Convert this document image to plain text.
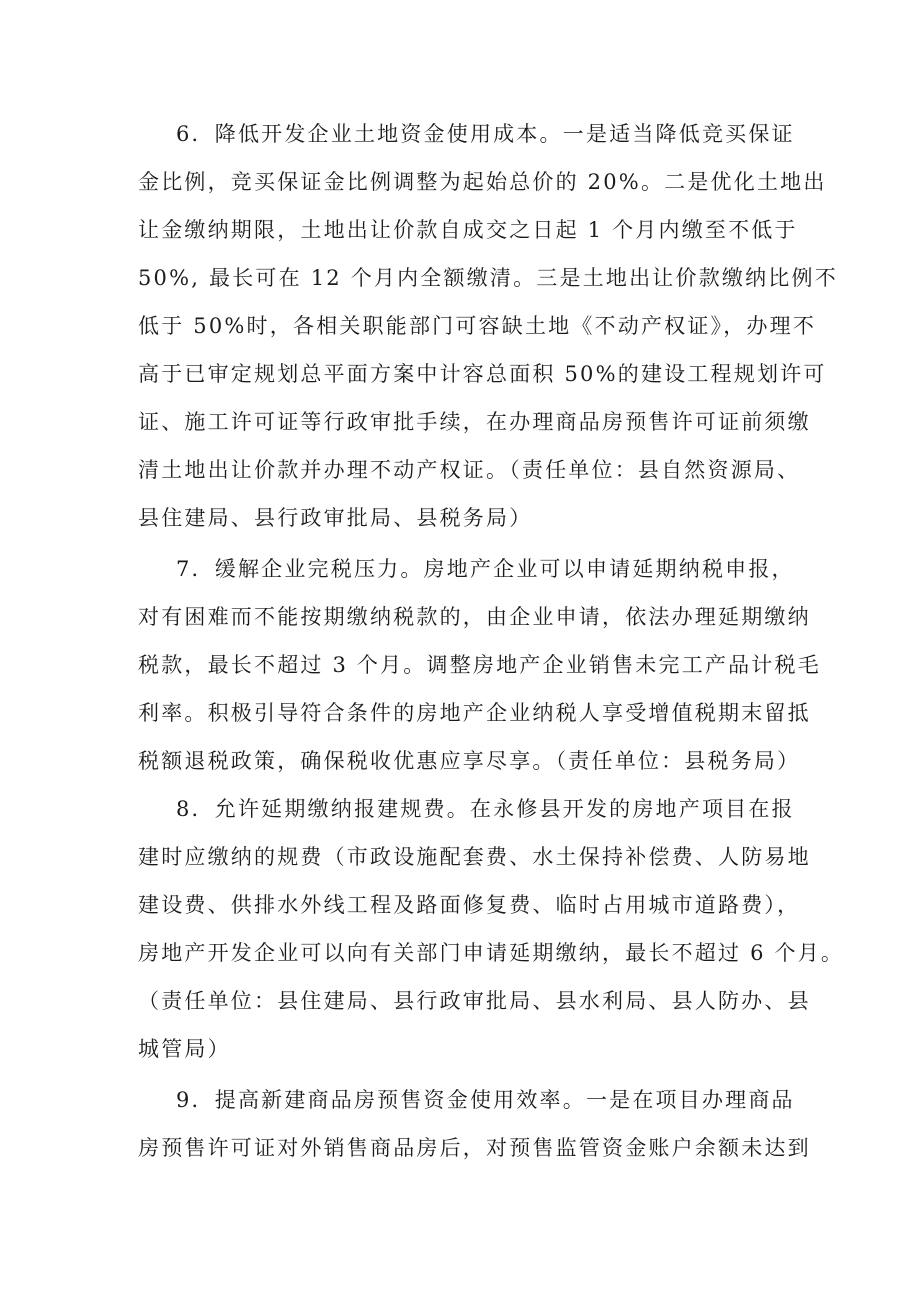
6．降低开发企业土地资金使用成本。一是适当降低竞买保证
金比例，竞买保证金比例调整为起始总价的 20%。二是优化土地出
让金缴纳期限，土地出让价款自成交之日起 1 个月内缴至不低于
50%, 最长可在 12 个月内全额缴清。三是土地出让价款缴纳比例不
低于 50%时，各相关职能部门可容缺土地《不动产权证》，办理不
高于已审定规划总平面方案中计容总面积 50%的建设工程规划许可
证、施工许可证等行政审批手续，在办理商品房预售许可证前须缴
清土地出让价款并办理不动产权证。（责任单位：县自然资源局、
县住建局、县行政审批局、县税务局）
7．缓解企业完税压力。房地产企业可以申请延期纳税申报，
对有困难而不能按期缴纳税款的，由企业申请，依法办理延期缴纳
税款，最长不超过 3 个月。调整房地产企业销售未完工产品计税毛
利率。积极引导符合条件的房地产企业纳税人享受增值税期末留抵
税额退税政策，确保税收优惠应享尽享。（责任单位：县税务局）
8．允许延期缴纳报建规费。在永修县开发的房地产项目在报
建时应缴纳的规费（市政设施配套费、水土保持补偿费、人防易地
建设费、供排水外线工程及路面修复费、临时占用城市道路费），
房地产开发企业可以向有关部门申请延期缴纳，最长不超过 6 个月。
（责任单位：县住建局、县行政审批局、县水利局、县人防办、县
城管局）
9．提高新建商品房预售资金使用效率。一是在项目办理商品
房预售许可证对外销售商品房后，对预售监管资金账户余额未达到
